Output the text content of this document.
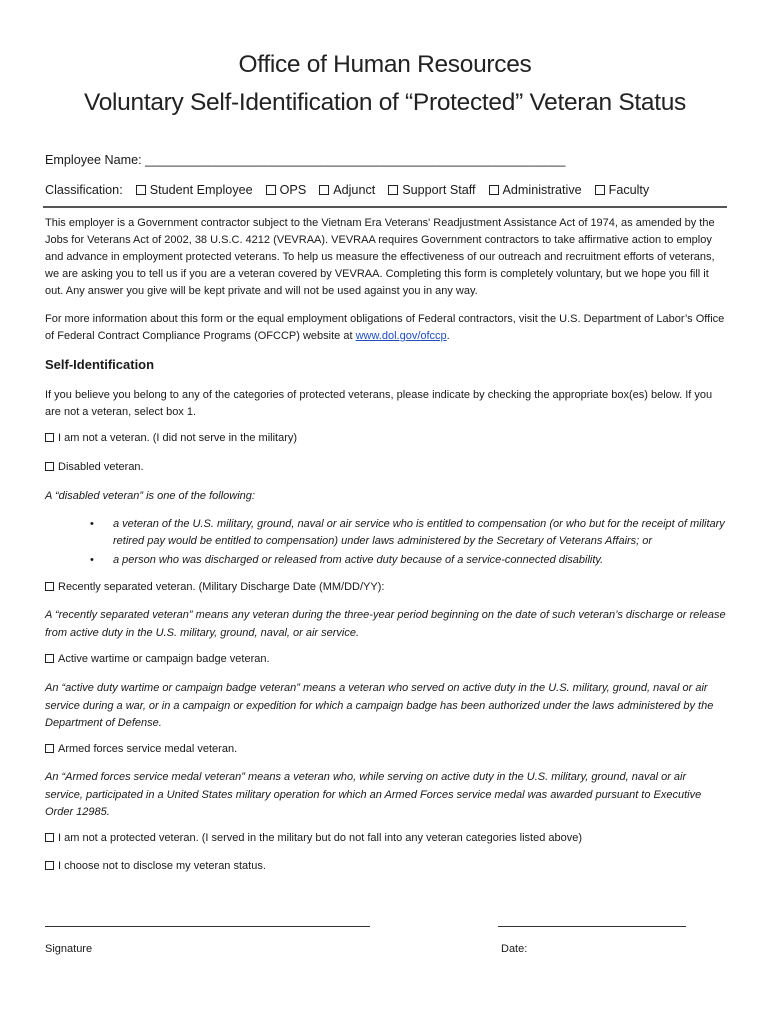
Office of Human Resources
Voluntary Self-Identification of “Protected” Veteran Status
Employee Name: ____________________________________________________________
Classification:	Student Employee	OPS	Adjunct	Support Staff	Administrative	Faculty
This employer is a Government contractor subject to the Vietnam Era Veterans' Readjustment Assistance Act of 1974, as amended by the Jobs for Veterans Act of 2002, 38 U.S.C. 4212 (VEVRAA). VEVRAA requires Government contractors to take affirmative action to employ and advance in employment protected veterans. To help us measure the effectiveness of our outreach and recruitment efforts of veterans, we are asking you to tell us if you are a veteran covered by VEVRAA. Completing this form is completely voluntary, but we hope you fill it out. Any answer you give will be kept private and will not be used against you in any way.
For more information about this form or the equal employment obligations of Federal contractors, visit the U.S. Department of Labor’s Office of Federal Contract Compliance Programs (OFCCP) website at www.dol.gov/ofccp.
Self-Identification
If you believe you belong to any of the categories of protected veterans, please indicate by checking the appropriate box(es) below. If you are not a veteran, select box 1.
I am not a veteran. (I did not serve in the military)
Disabled veteran.
A “disabled veteran” is one of the following:
• a veteran of the U.S. military, ground, naval or air service who is entitled to compensation (or who but for the receipt of military retired pay would be entitled to compensation) under laws administered by the Secretary of Veterans Affairs; or
• a person who was discharged or released from active duty because of a service-connected disability.
Recently separated veteran. (Military Discharge Date (MM/DD/YY):
A “recently separated veteran” means any veteran during the three-year period beginning on the date of such veteran’s discharge or release from active duty in the U.S. military, ground, naval, or air service.
Active wartime or campaign badge veteran.
An “active duty wartime or campaign badge veteran” means a veteran who served on active duty in the U.S. military, ground, naval or air service during a war, or in a campaign or expedition for which a campaign badge has been authorized under the laws administered by the Department of Defense.
Armed forces service medal veteran.
An “Armed forces service medal veteran” means a veteran who, while serving on active duty in the U.S. military, ground, naval or air service, participated in a United States military operation for which an Armed Forces service medal was awarded pursuant to Executive Order 12985.
I am not a protected veteran. (I served in the military but do not fall into any veteran categories listed above)
I choose not to disclose my veteran status.
Signature	Date:
